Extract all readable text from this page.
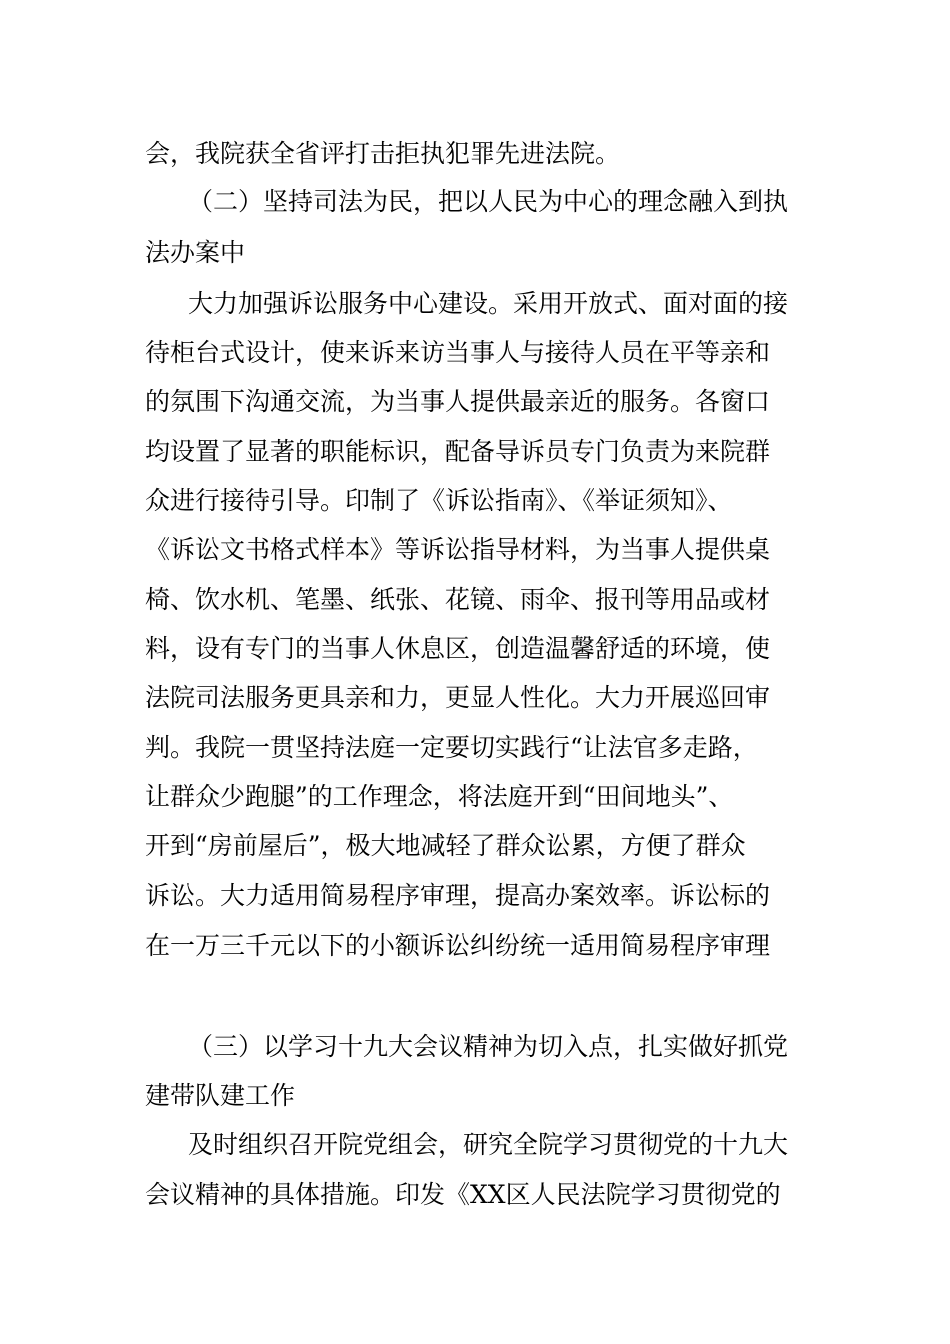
会，我院获全省评打击拒执犯罪先进法院。

（二）坚持司法为民，把以人民为中心的理念融入到执

法办案中

大力加强诉讼服务中心建设。采用开放式、面对面的接

待柜台式设计，使来诉来访当事人与接待人员在平等亲和

的氛围下沟通交流，为当事人提供最亲近的服务。各窗口

均设置了显著的职能标识，配备导诉员专门负责为来院群

众进行接待引导。印制了《诉讼指南》、《举证须知》、

《诉讼文书格式样本》等诉讼指导材料，为当事人提供桌

椅、饮水机、笔墨、纸张、花镜、雨伞、报刊等用品或材

料，设有专门的当事人休息区，创造温馨舒适的环境，使

法院司法服务更具亲和力，更显人性化。大力开展巡回审

判。我院一贯坚持法庭一定要切实践行“让法官多走路，

让群众少跑腿”的工作理念，将法庭开到“田间地头”、

开到“房前屋后”，极大地减轻了群众讼累，方便了群众

诉讼。大力适用简易程序审理，提高办案效率。诉讼标的

在一万三千元以下的小额诉讼纠纷统一适用简易程序审理

（三）以学习十九大会议精神为切入点，扎实做好抓党

建带队建工作

及时组织召开院党组会，研究全院学习贯彻党的十九大

会议精神的具体措施。印发《XX区人民法院学习贯彻党的
